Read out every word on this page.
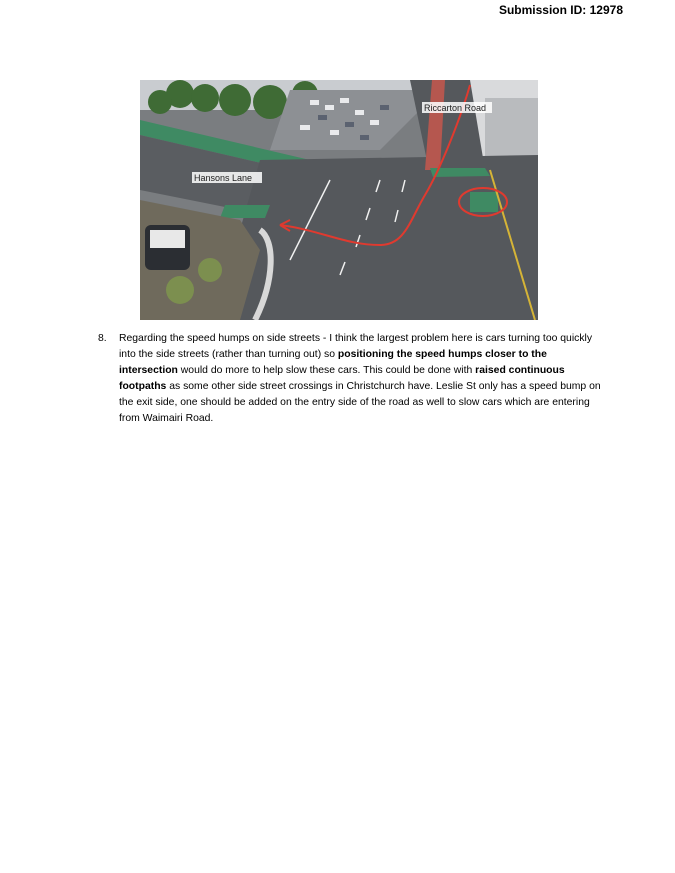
Submission ID: 12978
Riccarton Road
Hansons Lane
8.	Regarding the speed humps on side streets - I think the largest problem here is cars turning too quickly into the side streets (rather than turning out) so positioning the speed humps closer to the intersection would do more to help slow these cars. This could be done with raised continuous footpaths as some other side street crossings in Christchurch have. Leslie St only has a speed bump on the exit side, one should be added on the entry side of the road as well to slow cars which are entering from Waimairi Road.
